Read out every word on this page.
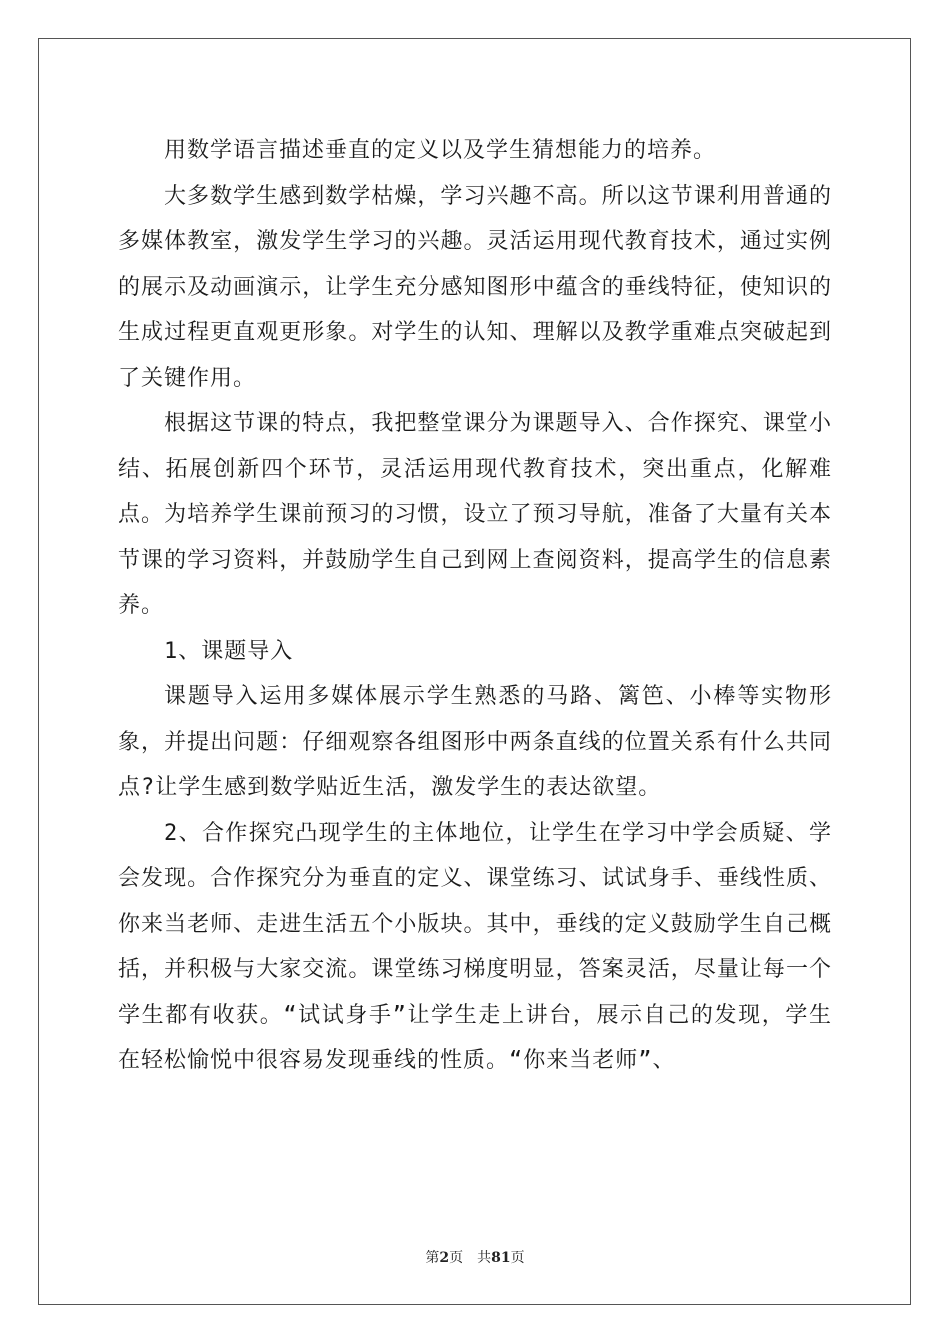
用数学语言描述垂直的定义以及学生猜想能力的培养。

大多数学生感到数学枯燥，学习兴趣不高。所以这节课利用普通的多媒体教室，激发学生学习的兴趣。灵活运用现代教育技术，通过实例的展示及动画演示，让学生充分感知图形中蕴含的垂线特征，使知识的生成过程更直观更形象。对学生的认知、理解以及教学重难点突破起到了关键作用。

根据这节课的特点，我把整堂课分为课题导入、合作探究、课堂小结、拓展创新四个环节，灵活运用现代教育技术，突出重点，化解难点。为培养学生课前预习的习惯，设立了预习导航，准备了大量有关本节课的学习资料，并鼓励学生自己到网上查阅资料，提高学生的信息素养。

1、课题导入

课题导入运用多媒体展示学生熟悉的马路、篱笆、小棒等实物形象，并提出问题：仔细观察各组图形中两条直线的位置关系有什么共同点?让学生感到数学贴近生活，激发学生的表达欲望。

2、合作探究凸现学生的主体地位，让学生在学习中学会质疑、学会发现。合作探究分为垂直的定义、课堂练习、试试身手、垂线性质、你来当老师、走进生活五个小版块。其中，垂线的定义鼓励学生自己概括，并积极与大家交流。课堂练习梯度明显，答案灵活，尽量让每一个学生都有收获。“试试身手”让学生走上讲台，展示自己的发现，学生在轻松愉悦中很容易发现垂线的性质。“你来当老师”、

第2页 共81页
